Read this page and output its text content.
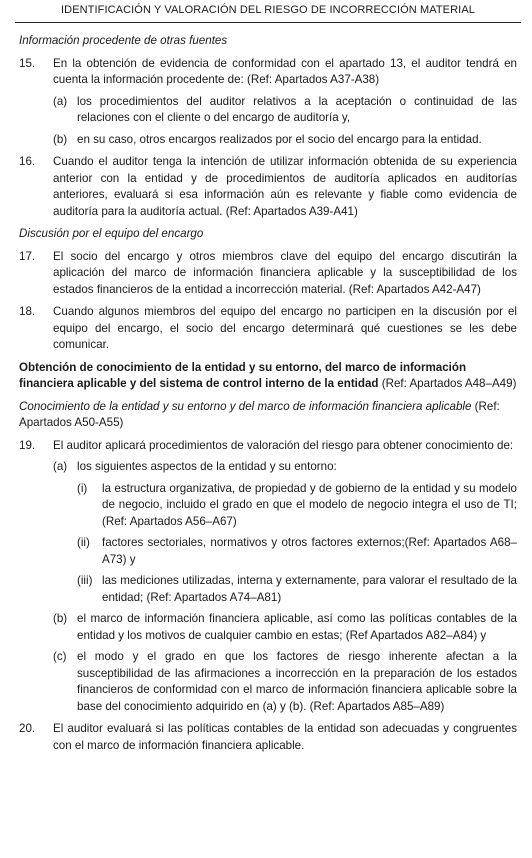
IDENTIFICACIÓN Y VALORACIÓN DEL RIESGO DE INCORRECCIÓN MATERIAL
Información procedente de otras fuentes
15.	En la obtención de evidencia de conformidad con el apartado 13, el auditor tendrá en cuenta la información procedente de: (Ref: Apartados A37-A38)
(a) los procedimientos del auditor relativos a la aceptación o continuidad de las relaciones con el cliente o del encargo de auditoría y,
(b) en su caso, otros encargos realizados por el socio del encargo para la entidad.
16.	Cuando el auditor tenga la intención de utilizar información obtenida de su experiencia anterior con la entidad y de procedimientos de auditoría aplicados en auditorías anteriores, evaluará si esa información aún es relevante y fiable como evidencia de auditoría para la auditoría actual. (Ref: Apartados A39-A41)
Discusión por el equipo del encargo
17.	El socio del encargo y otros miembros clave del equipo del encargo discutirán la aplicación del marco de información financiera aplicable y la susceptibilidad de los estados financieros de la entidad a incorrección material. (Ref: Apartados A42-A47)
18.	Cuando algunos miembros del equipo del encargo no participen en la discusión por el equipo del encargo, el socio del encargo determinará qué cuestiones se les debe comunicar.
Obtención de conocimiento de la entidad y su entorno, del marco de información financiera aplicable y del sistema de control interno de la entidad (Ref: Apartados A48–A49)
Conocimiento de la entidad y su entorno y del marco de información financiera aplicable (Ref: Apartados A50-A55)
19.	El auditor aplicará procedimientos de valoración del riesgo para obtener conocimiento de:
(a) los siguientes aspectos de la entidad y su entorno:
(i)	la estructura organizativa, de propiedad y de gobierno de la entidad y su modelo de negocio, incluido el grado en que el modelo de negocio integra el uso de TI; (Ref: Apartados A56–A67)
(ii)	factores sectoriales, normativos y otros factores externos;(Ref: Apartados A68–A73) y
(iii) las mediciones utilizadas, interna y externamente, para valorar el resultado de la entidad; (Ref: Apartados A74–A81)
(b) el marco de información financiera aplicable, así como las políticas contables de la entidad y los motivos de cualquier cambio en estas; (Ref Apartados A82–A84) y
(c) el modo y el grado en que los factores de riesgo inherente afectan a la susceptibilidad de las afirmaciones a incorrección en la preparación de los estados financieros de conformidad con el marco de información financiera aplicable sobre la base del conocimiento adquirido en (a) y (b). (Ref: Apartados A85–A89)
20.	El auditor evaluará si las políticas contables de la entidad son adecuadas y congruentes con el marco de información financiera aplicable.
